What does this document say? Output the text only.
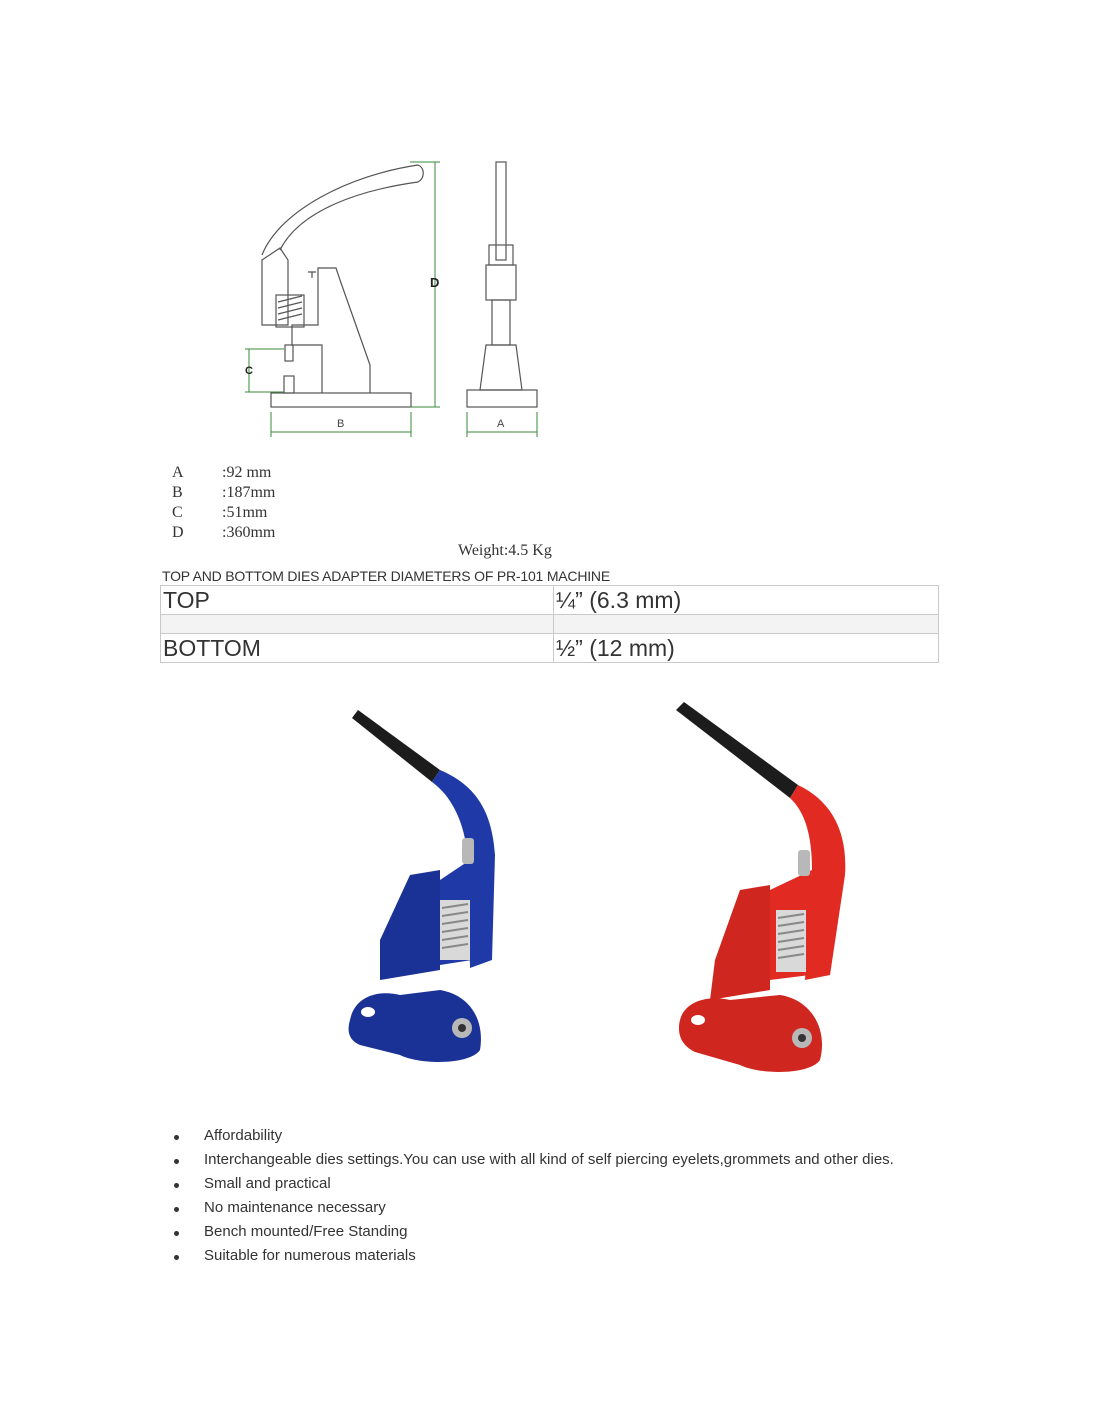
D
B	A
C
A	:92 mm
B	:187mm
C	:51mm
D	:360mm
Weight:4.5 Kg
TOP AND BOTTOM DIES ADAPTER DIAMETERS OF PR-101 MACHINE
TOP	¼” (6.3 mm)

BOTTOM	½” (12 mm)
Affordability
Interchangeable dies settings.You can use with all kind of self piercing eyelets,grommets and other dies.
Small and practical
No maintenance necessary
Bench mounted/Free Standing
Suitable for numerous materials
